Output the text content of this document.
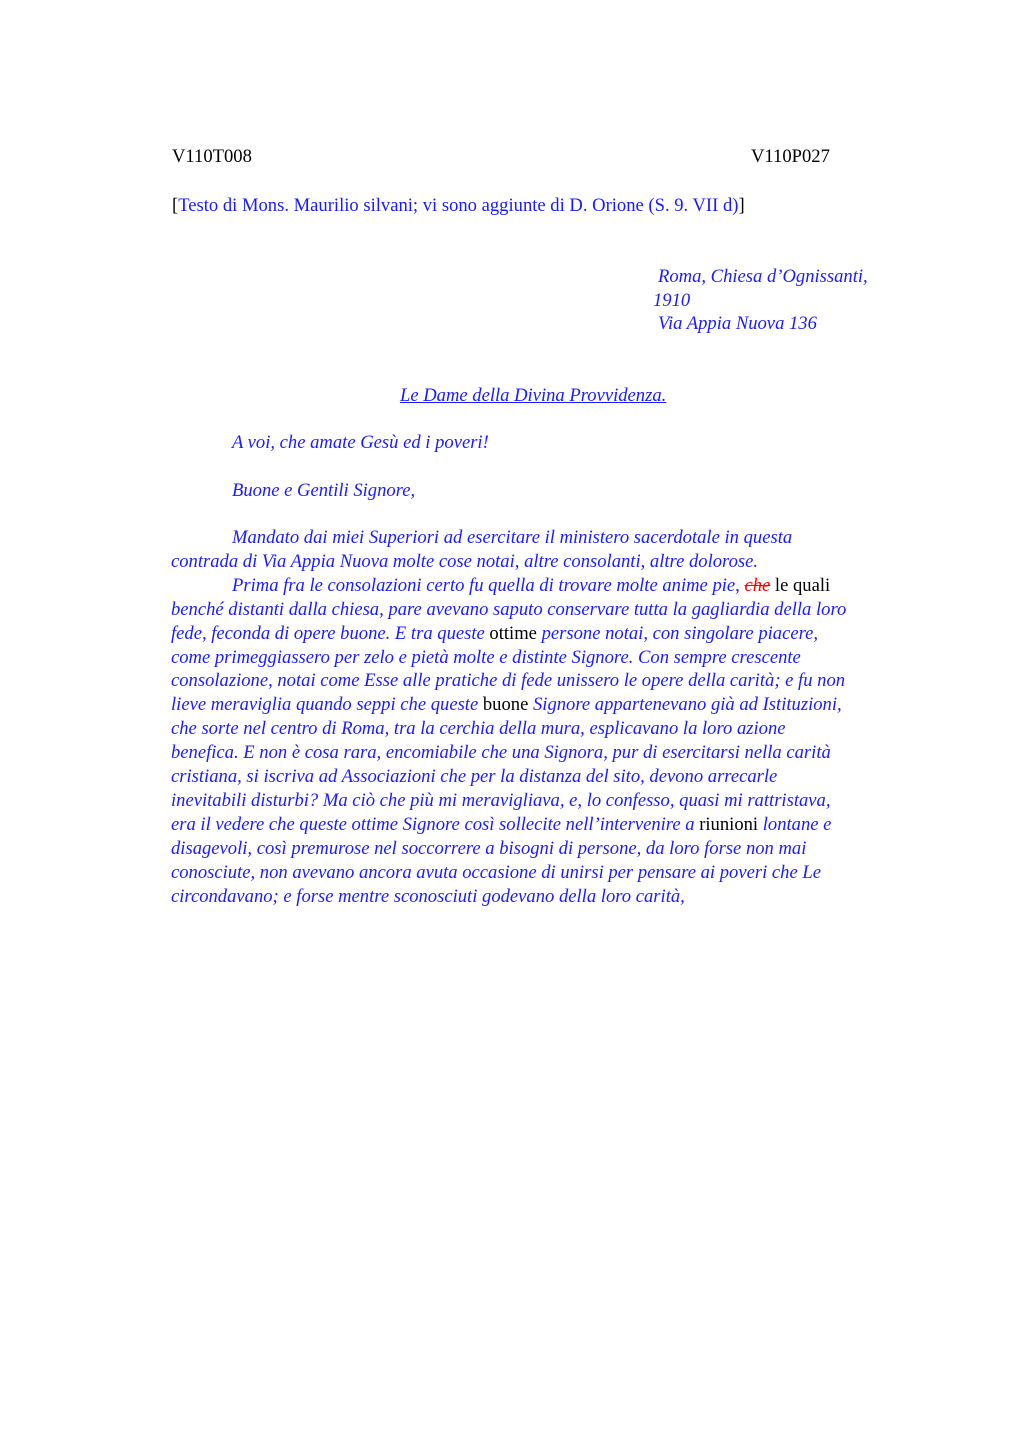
V110T008	V110P027
[Testo di Mons. Maurilio silvani; vi sono aggiunte di D. Orione (S. 9. VII d)]
Roma, Chiesa d’Ognissanti,
1910
Via Appia Nuova 136
Le Dame della Divina Provvidenza.
A voi, che amate Gesù ed i poveri!
Buone e Gentili Signore,
Mandato dai miei Superiori ad esercitare il ministero sacerdotale in questa
contrada di Via Appia Nuova molte cose notai, altre consolanti, altre dolorose.
Prima fra le consolazioni certo fu quella di trovare molte anime pie, che le quali
benché distanti dalla chiesa, pare avevano saputo conservare tutta la gagliardia della loro
fede, feconda di opere buone. E tra queste ottime persone notai, con singolare piacere,
come primeggiassero per zelo e pietà molte e distinte Signore. Con sempre crescente
consolazione, notai come Esse alle pratiche di fede unissero le opere della carità; e fu non
lieve meraviglia quando seppi che queste buone Signore appartenevano già ad Istituzioni,
che sorte nel centro di Roma, tra la cerchia della mura, esplicavano la loro azione
benefica. E non è cosa rara, encomiabile che una Signora, pur di esercitarsi nella carità
cristiana, si iscriva ad Associazioni che per la distanza del sito, devono arrecarle
inevitabili disturbi? Ma ciò che più mi meravigliava, e, lo confesso, quasi mi rattristava,
era il vedere che queste ottime Signore così sollecite nell’intervenire a riunioni lontane e
disagevoli, così premurose nel soccorrere a bisogni di persone, da loro forse non mai
conosciute, non avevano ancora avuta occasione di unirsi per pensare ai poveri che Le
circondavano; e forse mentre sconosciuti godevano della loro carità,
